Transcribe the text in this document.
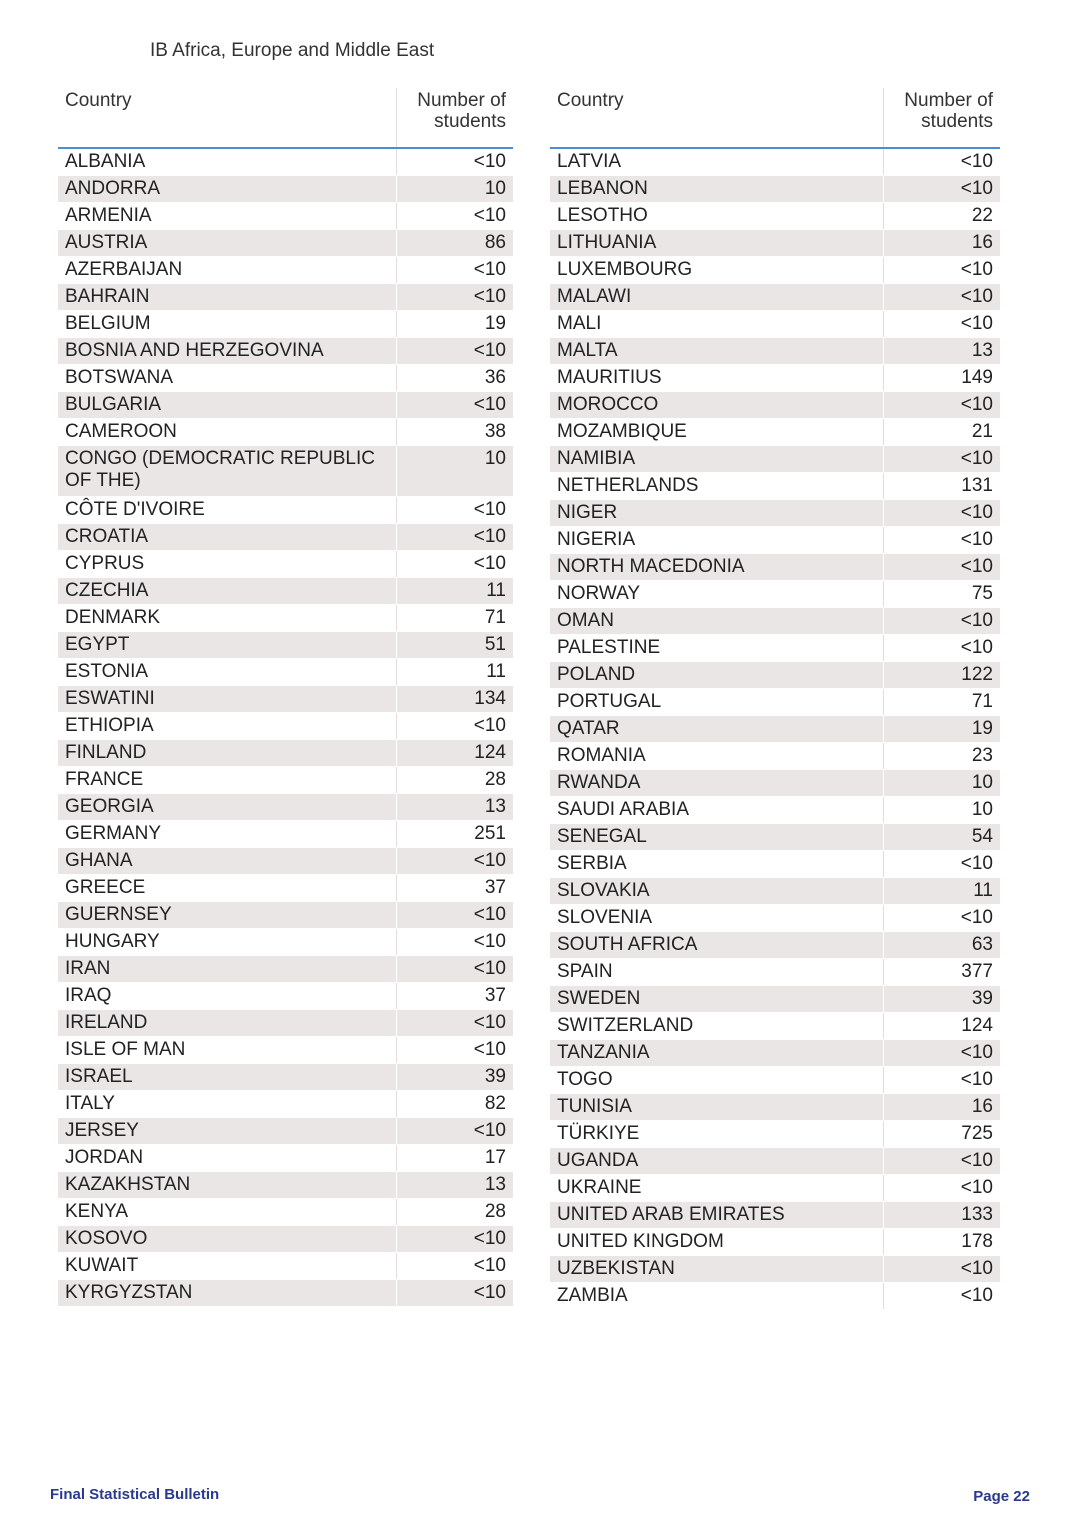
IB Africa, Europe and Middle East
Country	Number of students
ALBANIA	<10
ANDORRA	10
ARMENIA	<10
AUSTRIA	86
AZERBAIJAN	<10
BAHRAIN	<10
BELGIUM	19
BOSNIA AND HERZEGOVINA	<10
BOTSWANA	36
BULGARIA	<10
CAMEROON	38
CONGO (DEMOCRATIC REPUBLIC OF THE)	10
CÔTE D'IVOIRE	<10
CROATIA	<10
CYPRUS	<10
CZECHIA	11
DENMARK	71
EGYPT	51
ESTONIA	11
ESWATINI	134
ETHIOPIA	<10
FINLAND	124
FRANCE	28
GEORGIA	13
GERMANY	251
GHANA	<10
GREECE	37
GUERNSEY	<10
HUNGARY	<10
IRAN	<10
IRAQ	37
IRELAND	<10
ISLE OF MAN	<10
ISRAEL	39
ITALY	82
JERSEY	<10
JORDAN	17
KAZAKHSTAN	13
KENYA	28
KOSOVO	<10
KUWAIT	<10
KYRGYZSTAN	<10
Country	Number of students
LATVIA	<10
LEBANON	<10
LESOTHO	22
LITHUANIA	16
LUXEMBOURG	<10
MALAWI	<10
MALI	<10
MALTA	13
MAURITIUS	149
MOROCCO	<10
MOZAMBIQUE	21
NAMIBIA	<10
NETHERLANDS	131
NIGER	<10
NIGERIA	<10
NORTH MACEDONIA	<10
NORWAY	75
OMAN	<10
PALESTINE	<10
POLAND	122
PORTUGAL	71
QATAR	19
ROMANIA	23
RWANDA	10
SAUDI ARABIA	10
SENEGAL	54
SERBIA	<10
SLOVAKIA	11
SLOVENIA	<10
SOUTH AFRICA	63
SPAIN	377
SWEDEN	39
SWITZERLAND	124
TANZANIA	<10
TOGO	<10
TUNISIA	16
TÜRKIYE	725
UGANDA	<10
UKRAINE	<10
UNITED ARAB EMIRATES	133
UNITED KINGDOM	178
UZBEKISTAN	<10
ZAMBIA	<10

Final Statistical Bulletin	Page 22
